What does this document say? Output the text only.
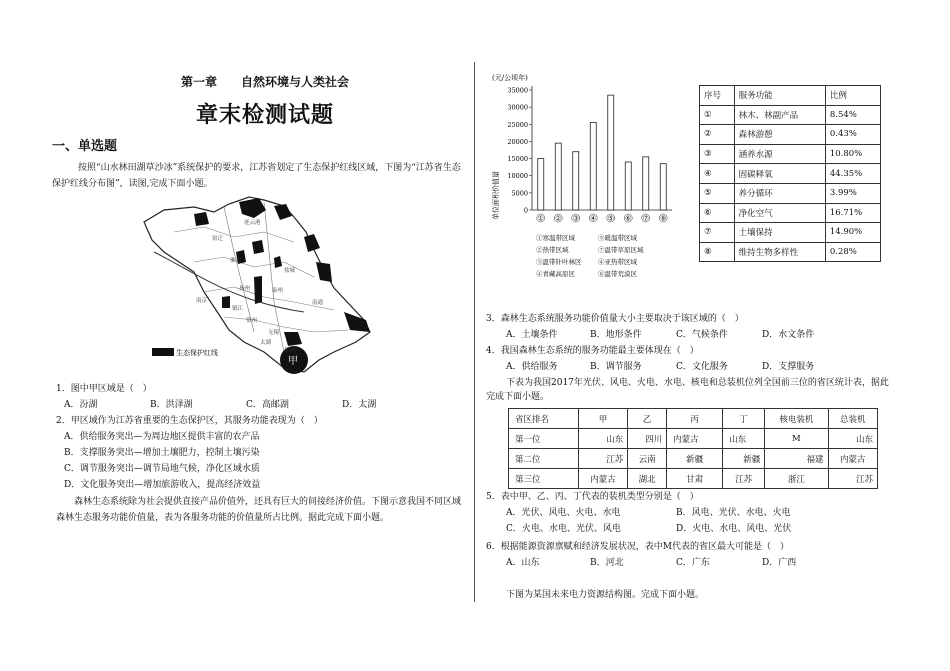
第一章　　自然环境与人类社会
章末检测试题
一、单选题
按照“山水林田湖草沙冰”系统保护的要求，江苏省划定了生态保护红线区域，下图为“江苏省生态保护红线分布图”，读图,完成下面小题。
甲
生态保护红线
连云港
宿迁
淮安
盐城
扬州	泰州
南通
南京
镇江
常州
无锡
苏州
太湖
1．图中甲区域是（　）
A．汾湖	B．洪泽湖	C．高邮湖	D．太湖
2．甲区域作为江苏省重要的生态保护区，其服务功能表现为（　）
A．供给服务突出—为周边地区提供丰富的农产品
B．支撑服务突出—增加土壤肥力，控制土壤污染
C．调节服务突出—调节局地气候，净化区域水质
D．文化服务突出—增加旅游收入，提高经济效益
森林生态系统除为社会提供直接产品价值外，还具有巨大的间接经济价值。下图示意我国不同区域森林生态服务功能价值量，表为各服务功能的价值量所占比例。据此完成下面小题。
(元/公顷年)
单位面积价值量	0
5000
10000
15000
20000
25000
30000
35000
① ② ③ ④ ⑤ ⑥ ⑦ ⑧
①寒温带区域
②热带区域
③温带针叶林区
④青藏高原区
⑤暖温带区域
⑦温带草原区域
④亚热带区域
⑧温带荒漠区
序号	服务功能	比例
①	林木、林副产品	8.54%
②	森林游憩	0.43%
③	涵养水源	10.80%
④	固碳释氧	44.35%
⑤	养分循环	3.99%
⑥	净化空气	16.71%
⑦	土壤保持	14.90%
⑧	维持生物多样性	0.28%
3．森林生态系统服务功能价值量大小主要取决于该区域的（　）
A．土壤条件	B．地形条件	C．气候条件	D．水文条件
4．我国森林生态系统的服务功能最主要体现在（　）
A．供给服务	B．调节服务	C．文化服务	D．支撑服务
下表为我国2017年光伏、风电、火电、水电、核电和总装机位列全国前三位的省区统计表，据此完成下面小题。
省区排名	甲	乙	丙	丁	核电装机	总装机
第一位	山东	四川	内蒙古	山东	M	山东
第二位	江苏	云南	新疆	新疆	福建	内蒙古
第三位	内蒙古	湖北	甘肃	江苏	浙江	江苏
5．表中甲、乙、丙、丁代表的装机类型分别是（　）
A．光伏、风电、火电、水电	B．风电、光伏、水电、火电
C．火电、水电、光伏、风电	D．火电、水电、风电、光伏
6．根据能源资源禀赋和经济发展状况，表中M代表的省区最大可能是（　）
A．山东	B．河北	C．广东	D．广西
下图为某国未来电力资源结构图。完成下面小题。
